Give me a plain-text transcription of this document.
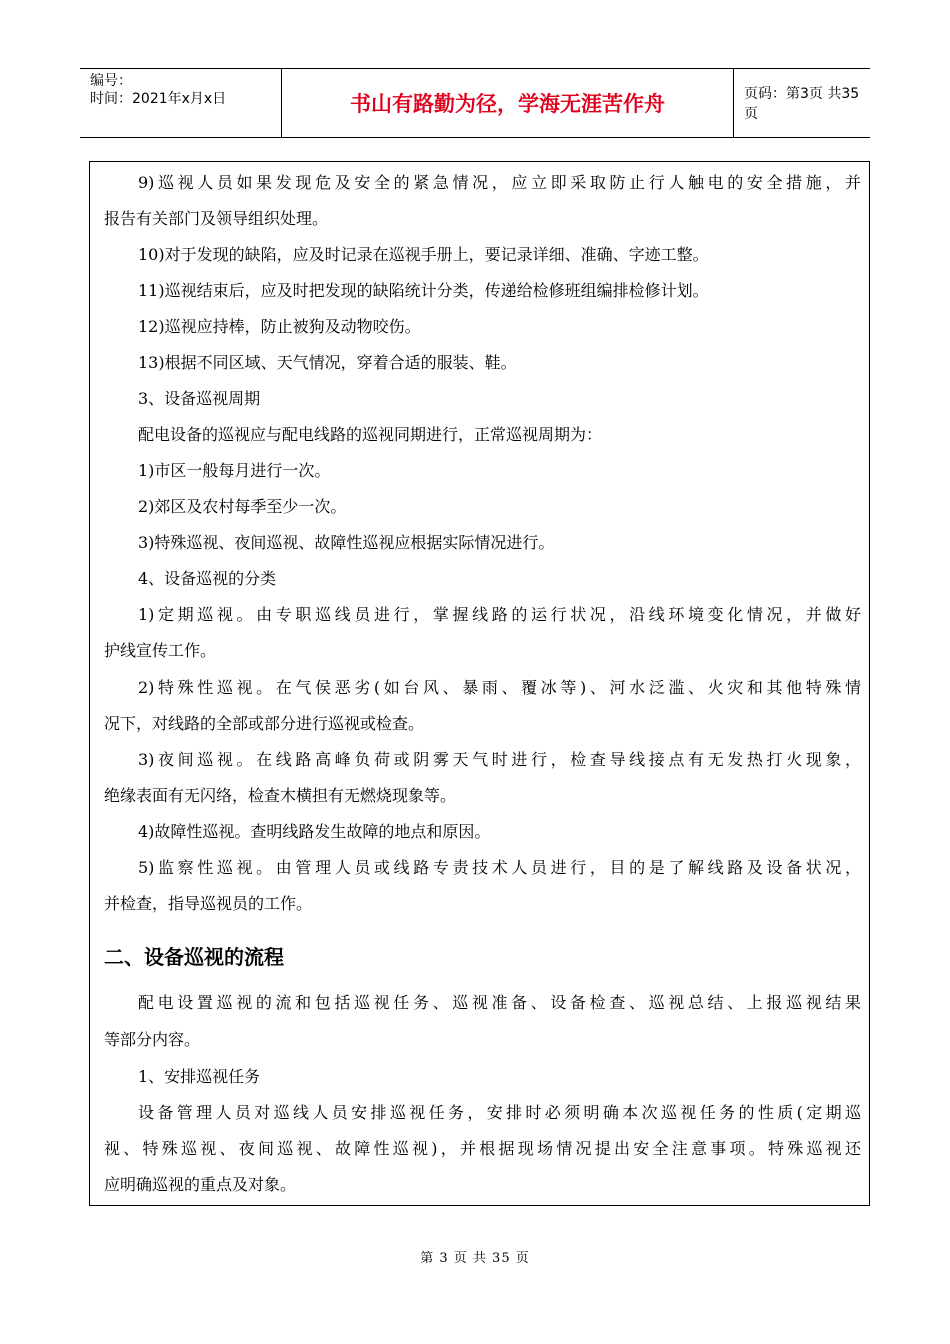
编号：
时间：2021年x月x日	书山有路勤为径，学海无涯苦作舟	页码：第3页 共35页
9)巡视人员如果发现危及安全的紧急情况，应立即采取防止行人触电的安全措施，并
报告有关部门及领导组织处理。
10)对于发现的缺陷，应及时记录在巡视手册上，要记录详细、准确、字迹工整。
11)巡视结束后，应及时把发现的缺陷统计分类，传递给检修班组编排检修计划。
12)巡视应持棒，防止被狗及动物咬伤。
13)根据不同区域、天气情况，穿着合适的服装、鞋。
3、设备巡视周期
配电设备的巡视应与配电线路的巡视同期进行，正常巡视周期为：
1)市区一般每月进行一次。
2)郊区及农村每季至少一次。
3)特殊巡视、夜间巡视、故障性巡视应根据实际情况进行。
4、设备巡视的分类
1)定期巡视。由专职巡线员进行，掌握线路的运行状况，沿线环境变化情况，并做好
护线宣传工作。
2)特殊性巡视。在气侯恶劣(如台风、暴雨、覆冰等)、河水泛滥、火灾和其他特殊情
况下，对线路的全部或部分进行巡视或检查。
3)夜间巡视。在线路高峰负荷或阴雾天气时进行，检查导线接点有无发热打火现象，
绝缘表面有无闪络，检查木横担有无燃烧现象等。
4)故障性巡视。查明线路发生故障的地点和原因。
5)监察性巡视。由管理人员或线路专责技术人员进行，目的是了解线路及设备状况，
并检查，指导巡视员的工作。
二、设备巡视的流程
配电设置巡视的流和包括巡视任务、巡视准备、设备检查、巡视总结、上报巡视结果
等部分内容。
1、安排巡视任务
设备管理人员对巡线人员安排巡视任务，安排时必须明确本次巡视任务的性质(定期巡
视、特殊巡视、夜间巡视、故障性巡视)，并根据现场情况提出安全注意事项。特殊巡视还
应明确巡视的重点及对象。
第 3 页 共 35 页
